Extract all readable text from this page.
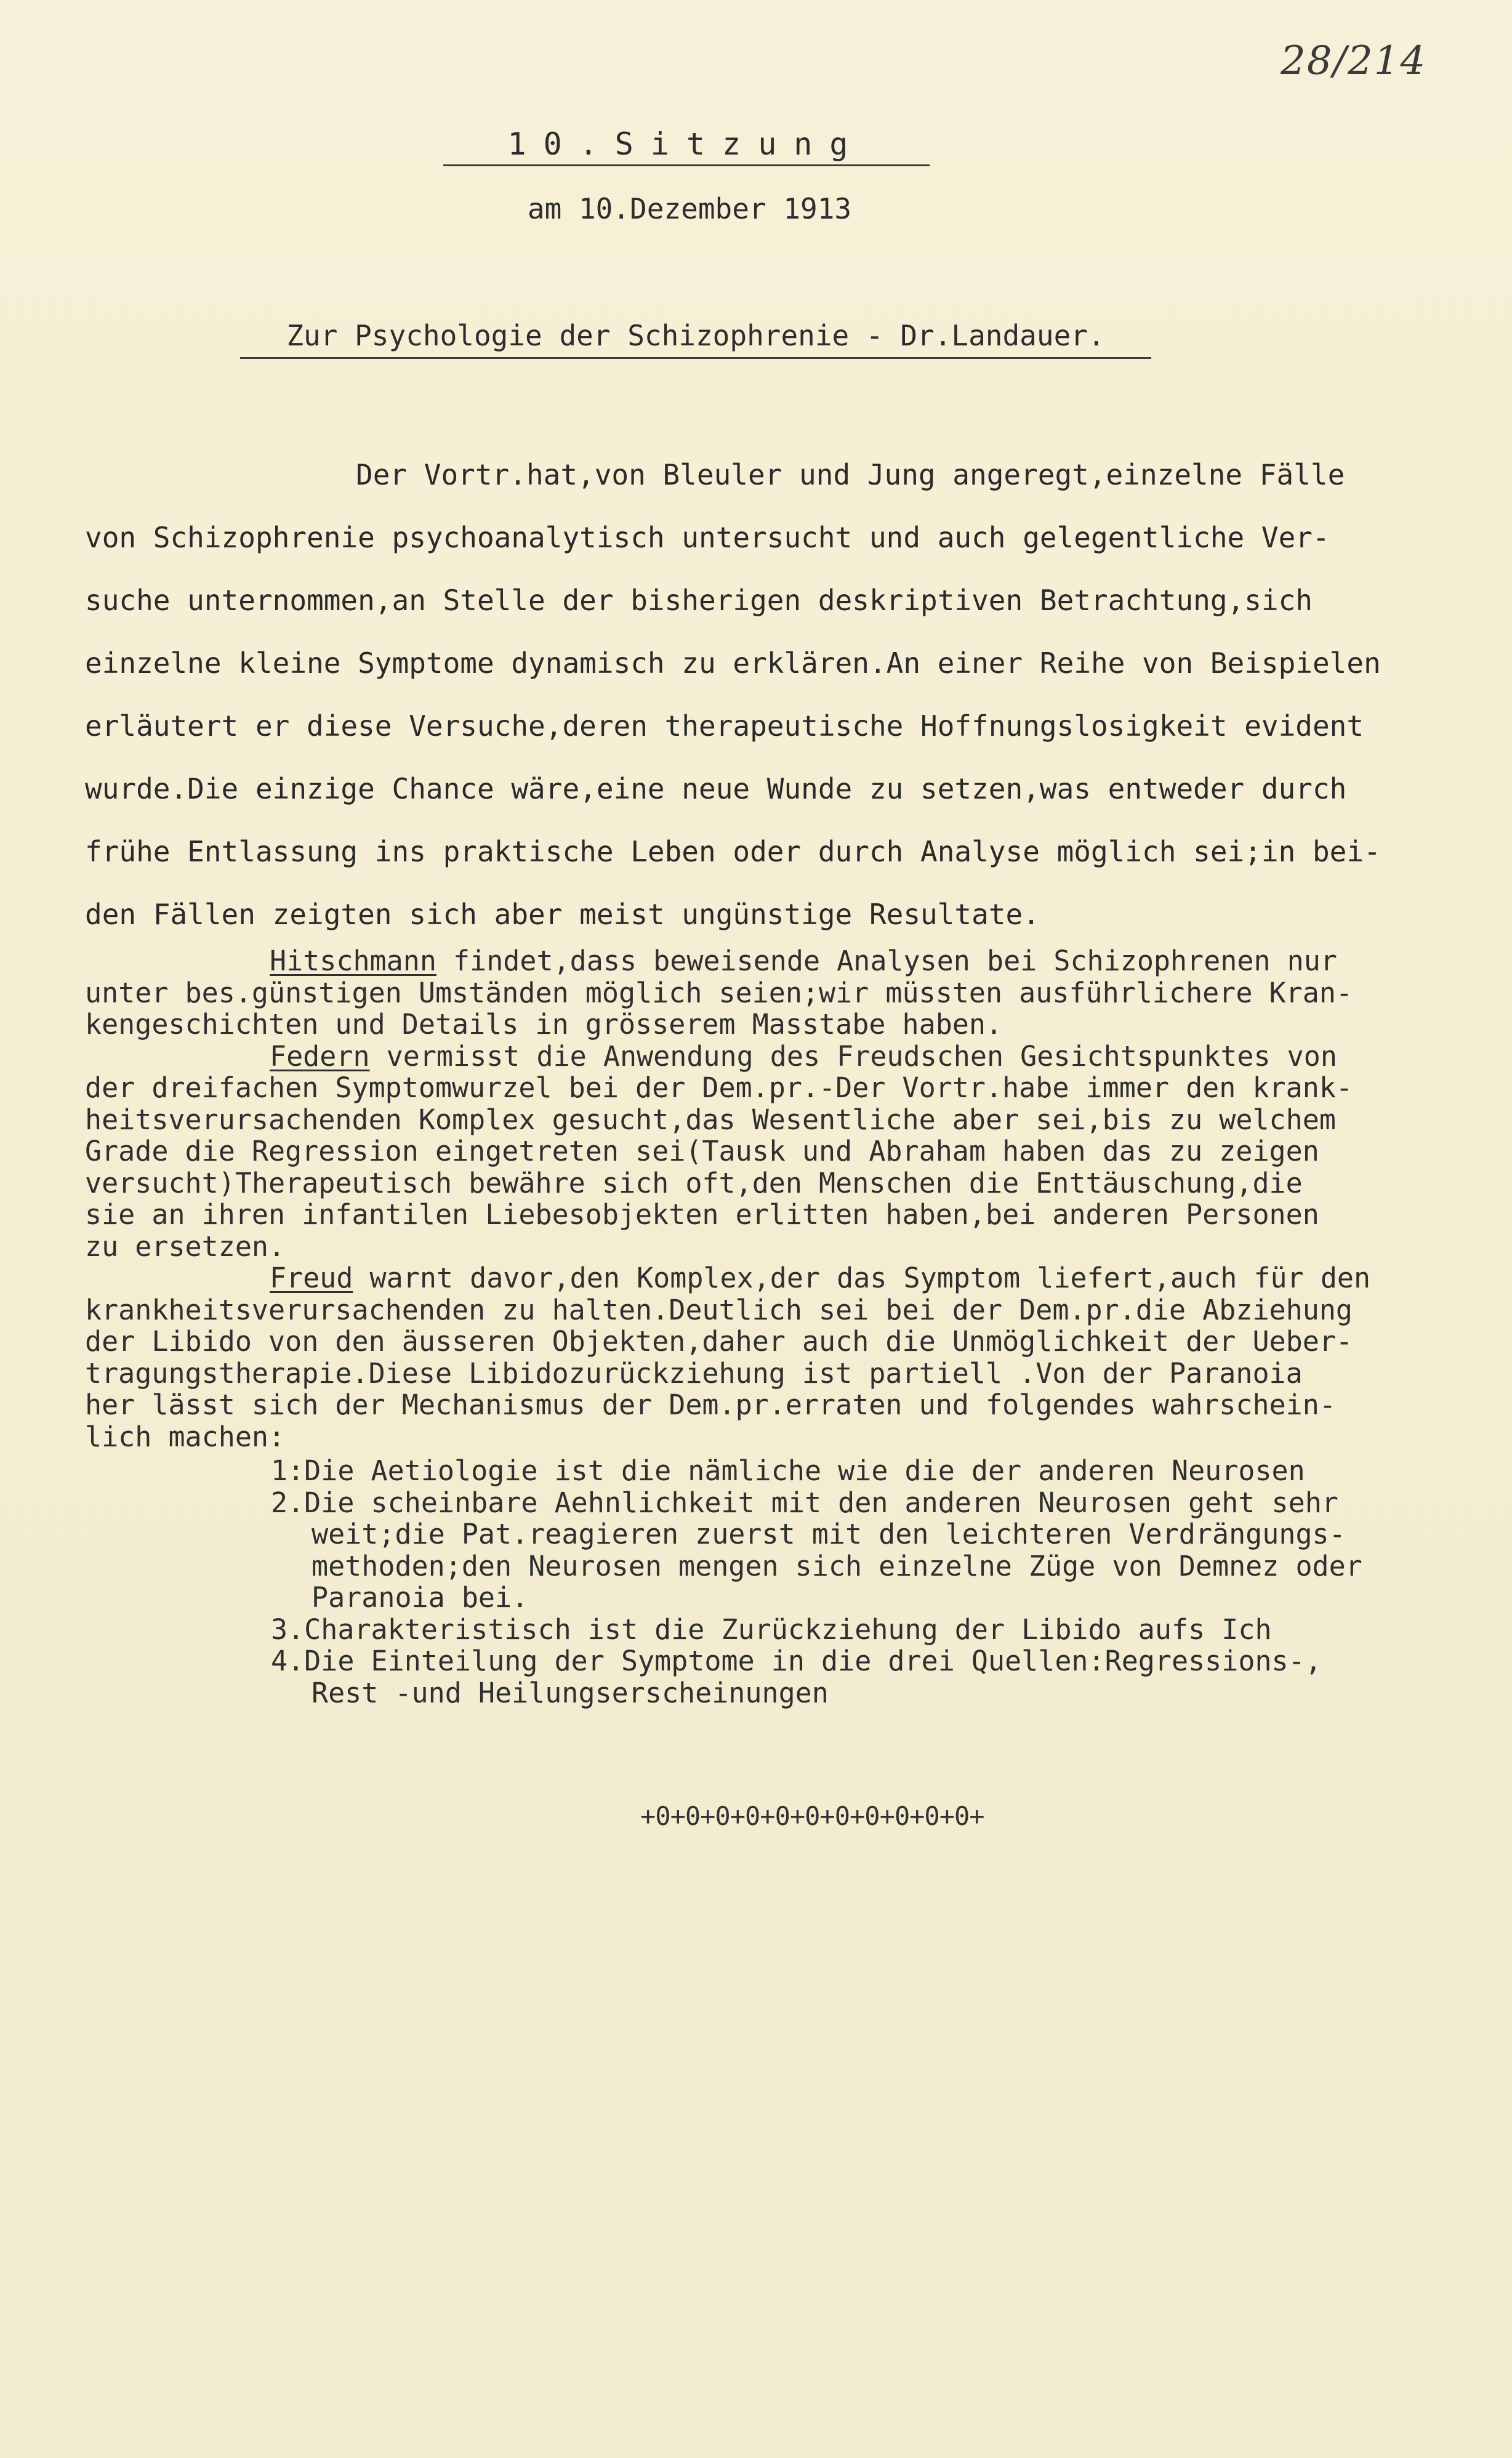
28/214
10.Sitzung
am 10.Dezember 1913
Zur Psychologie der Schizophrenie - Dr.Landauer.
Der Vortr.hat,von Bleuler und Jung angeregt,einzelne Fälle
von Schizophrenie psychoanalytisch untersucht und auch gelegentliche Ver-
suche unternommen,an Stelle der bisherigen deskriptiven Betrachtung,sich
einzelne kleine Symptome dynamisch zu erklären.An einer Reihe von Beispielen
erläutert er diese Versuche,deren therapeutische Hoffnungslosigkeit evident
wurde.Die einzige Chance wäre,eine neue Wunde zu setzen,was entweder durch
frühe Entlassung ins praktische Leben oder durch Analyse möglich sei;in bei-
den Fällen zeigten sich aber meist ungünstige Resultate.
Hitschmann findet,dass beweisende Analysen bei Schizophrenen nur
unter bes.günstigen Umständen möglich seien;wir müssten ausführlichere Kran-
kengeschichten und Details in grösserem Masstabe haben.
Federn vermisst die Anwendung des Freudschen Gesichtspunktes von
der dreifachen Symptomwurzel bei der Dem.pr.-Der Vortr.habe immer den krank-
heitsverursachenden Komplex gesucht,das Wesentliche aber sei,bis zu welchem
Grade die Regression eingetreten sei(Tausk und Abraham haben das zu zeigen
versucht)Therapeutisch bewähre sich oft,den Menschen die Enttäuschung,die
sie an ihren infantilen Liebesobjekten erlitten haben,bei anderen Personen
zu ersetzen.
Freud warnt davor,den Komplex,der das Symptom liefert,auch für den
krankheitsverursachenden zu halten.Deutlich sei bei der Dem.pr.die Abziehung
der Libido von den äusseren Objekten,daher auch die Unmöglichkeit der Ueber-
tragungstherapie.Diese Libidozurückziehung ist partiell .Von der Paranoia
her lässt sich der Mechanismus der Dem.pr.erraten und folgendes wahrschein-
lich machen:
1:Die Aetiologie ist die nämliche wie die der anderen Neurosen
2.Die scheinbare Aehnlichkeit mit den anderen Neurosen geht sehr
weit;die Pat.reagieren zuerst mit den leichteren Verdrängungs-
methoden;den Neurosen mengen sich einzelne Züge von Demnez oder
Paranoia bei.
3.Charakteristisch ist die Zurückziehung der Libido aufs Ich
4.Die Einteilung der Symptome in die drei Quellen:Regressions-,
Rest -und Heilungserscheinungen
+0+0+0+0+0+0+0+0+0+0+0+
